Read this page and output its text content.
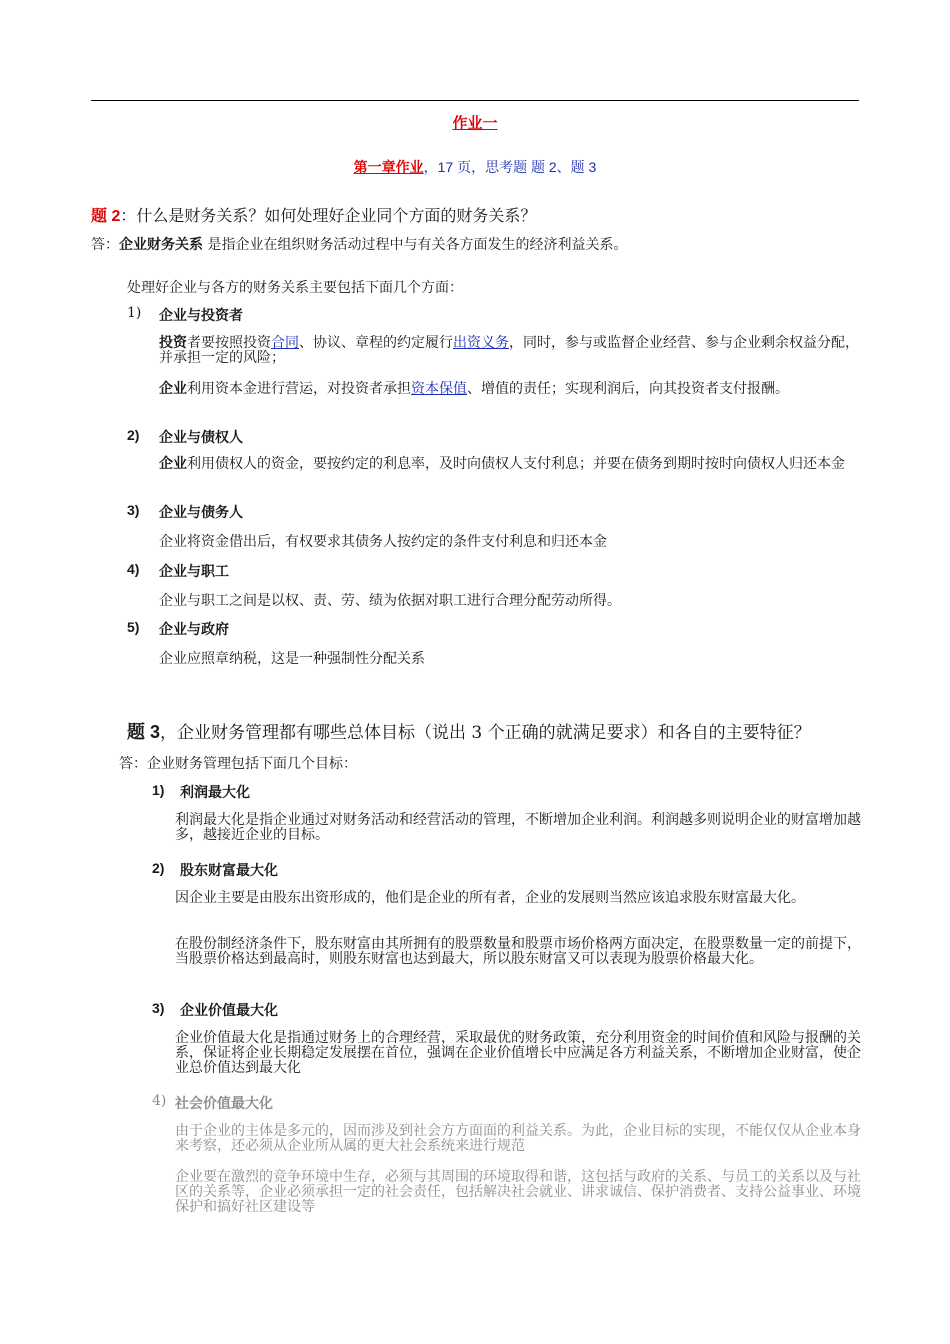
作业一
第一章作业，17 页，思考题 题 2、题 3
题 2：什么是财务关系？如何处理好企业同个方面的财务关系？
答：企业财务关系 是指企业在组织财务活动过程中与有关各方面发生的经济利益关系。
处理好企业与各方的财务关系主要包括下面几个方面：
1) 企业与投资者
投资者要按照投资合同、协议、章程的约定履行出资义务，同时，参与或监督企业经营、参与企业剩余权益分配，并承担一定的风险；
企业利用资本金进行营运，对投资者承担资本保值、增值的责任；实现利润后，向其投资者支付报酬。
2) 企业与债权人
企业利用债权人的资金，要按约定的利息率，及时向债权人支付利息；并要在债务到期时按时向债权人归还本金
3) 企业与债务人
企业将资金借出后，有权要求其债务人按约定的条件支付利息和归还本金
4) 企业与职工
企业与职工之间是以权、责、劳、绩为依据对职工进行合理分配劳动所得。
5) 企业与政府
企业应照章纳税，这是一种强制性分配关系
题 3，企业财务管理都有哪些总体目标（说出 3 个正确的就满足要求）和各自的主要特征？
答：企业财务管理包括下面几个目标：
1) 利润最大化
利润最大化是指企业通过对财务活动和经营活动的管理，不断增加企业利润。利润越多则说明企业的财富增加越多，越接近企业的目标。
2) 股东财富最大化
因企业主要是由股东出资形成的，他们是企业的所有者，企业的发展则当然应该追求股东财富最大化。
在股份制经济条件下，股东财富由其所拥有的股票数量和股票市场价格两方面决定，在股票数量一定的前提下，当股票价格达到最高时，则股东财富也达到最大，所以股东财富又可以表现为股票价格最大化。
3) 企业价值最大化
企业价值最大化是指通过财务上的合理经营，采取最优的财务政策，充分利用资金的时间价值和风险与报酬的关系，保证将企业长期稳定发展摆在首位，强调在企业价值增长中应满足各方利益关系，不断增加企业财富，使企业总价值达到最大化
4) 社会价值最大化
由于企业的主体是多元的，因而涉及到社会方方面面的利益关系。为此，企业目标的实现，不能仅仅从企业本身来考察，还必须从企业所从属的更大社会系统来进行规范
企业要在激烈的竞争环境中生存，必须与其周围的环境取得和谐，这包括与政府的关系、与员工的关系以及与社区的关系等，企业必须承担一定的社会责任，包括解决社会就业、讲求诚信、保护消费者、支持公益事业、环境保护和搞好社区建设等
